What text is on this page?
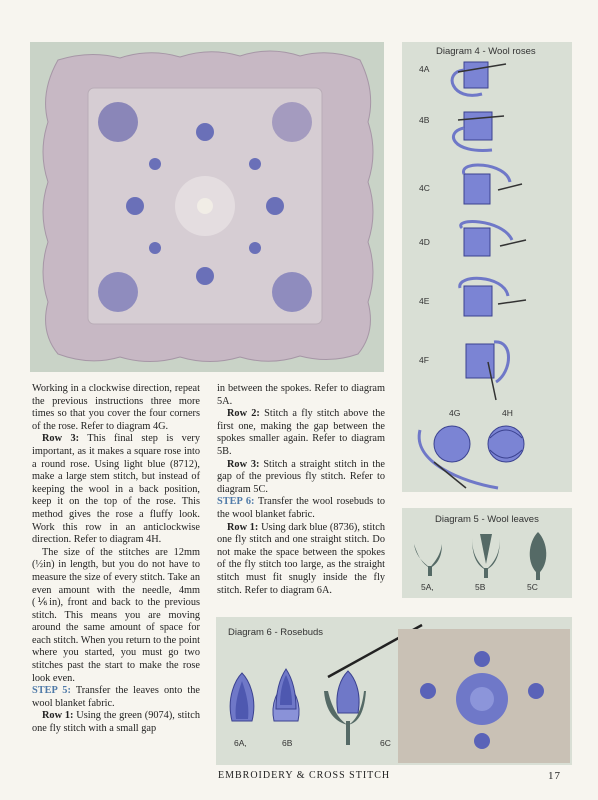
Diagram 4 - Wool roses
4A
4B
4C
4D
4E
4F
4G	4H
Diagram 5 - Wool leaves
5A,	5B	5C
Diagram 6 - Rosebuds
6A,	6B	6C

Working in a clockwise direction, repeat the previous instructions three more times so that you cover the four corners of the rose. Refer to diagram 4G.

Row 3: This final step is very important, as it makes a square rose into a round rose. Using light blue (8712), make a large stem stitch, but instead of keeping the wool in a back position, keep it on the top of the rose. This method gives the rose a fluffy look. Work this row in an anticlockwise direction. Refer to diagram 4H.

The size of the stitches are 12mm (½in) in length, but you do not have to measure the size of every stitch. Take an even amount with the needle, 4mm (⅙in), front and back to the previous stitch. This means you are moving around the same amount of space for each stitch. When you return to the point where you started, you must go two stitches past the start to make the rose look even.

STEP 5: Transfer the leaves onto the wool blanket fabric.

Row 1: Using the green (9074), stitch one fly stitch with a small gap

in between the spokes. Refer to diagram 5A.

Row 2: Stitch a fly stitch above the first one, making the gap between the spokes smaller again. Refer to diagram 5B.

Row 3: Stitch a straight stitch in the gap of the previous fly stitch. Refer to diagram 5C.

STEP 6: Transfer the wool rosebuds to the wool blanket fabric.

Row 1: Using dark blue (8736), stitch one fly stitch and one straight stitch. Do not make the space between the spokes of the fly stitch too large, as the straight stitch must fit snugly inside the fly stitch. Refer to diagram 6A.

EMBROIDERY & CROSS STITCH	17
